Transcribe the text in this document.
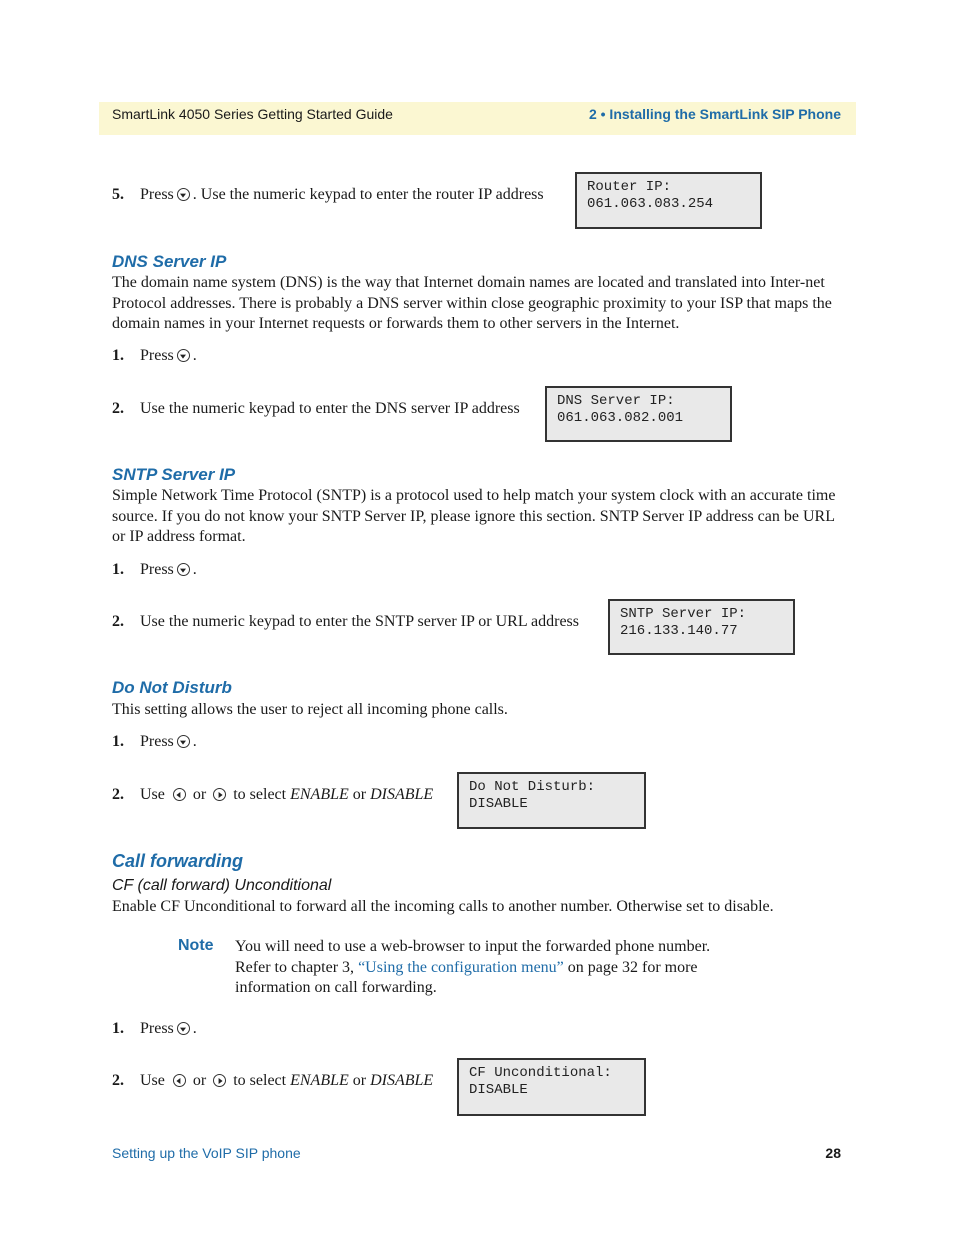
SmartLink 4050 Series Getting Started Guide	2 • Installing the SmartLink SIP Phone
5. Press . Use the numeric keypad to enter the router IP address	Router IP:
061.063.083.254
DNS Server IP
The domain name system (DNS) is the way that Internet domain names are located and translated into Inter-net Protocol addresses. There is probably a DNS server within close geographic proximity to your ISP that maps the domain names in your Internet requests or forwards them to other servers in the Internet.
1. Press .
2. Use the numeric keypad to enter the DNS server IP address	DNS Server IP:
061.063.082.001
SNTP Server IP
Simple Network Time Protocol (SNTP) is a protocol used to help match your system clock with an accurate time source. If you do not know your SNTP Server IP, please ignore this section. SNTP Server IP address can be URL or IP address format.
1. Press .
2. Use the numeric keypad to enter the SNTP server IP or URL address	SNTP Server IP:
216.133.140.77
Do Not Disturb
This setting allows the user to reject all incoming phone calls.
1. Press .
2. Use or to select ENABLE or DISABLE	Do Not Disturb:
DISABLE
Call forwarding
CF (call forward) Unconditional
Enable CF Unconditional to forward all the incoming calls to another number. Otherwise set to disable.
Note You will need to use a web-browser to input the forwarded phone number.
Refer to chapter 3, “Using the configuration menu” on page 32 for more
information on call forwarding.
1. Press .
2. Use or to select ENABLE or DISABLE	CF Unconditional:
DISABLE
Setting up the VoIP SIP phone	28
